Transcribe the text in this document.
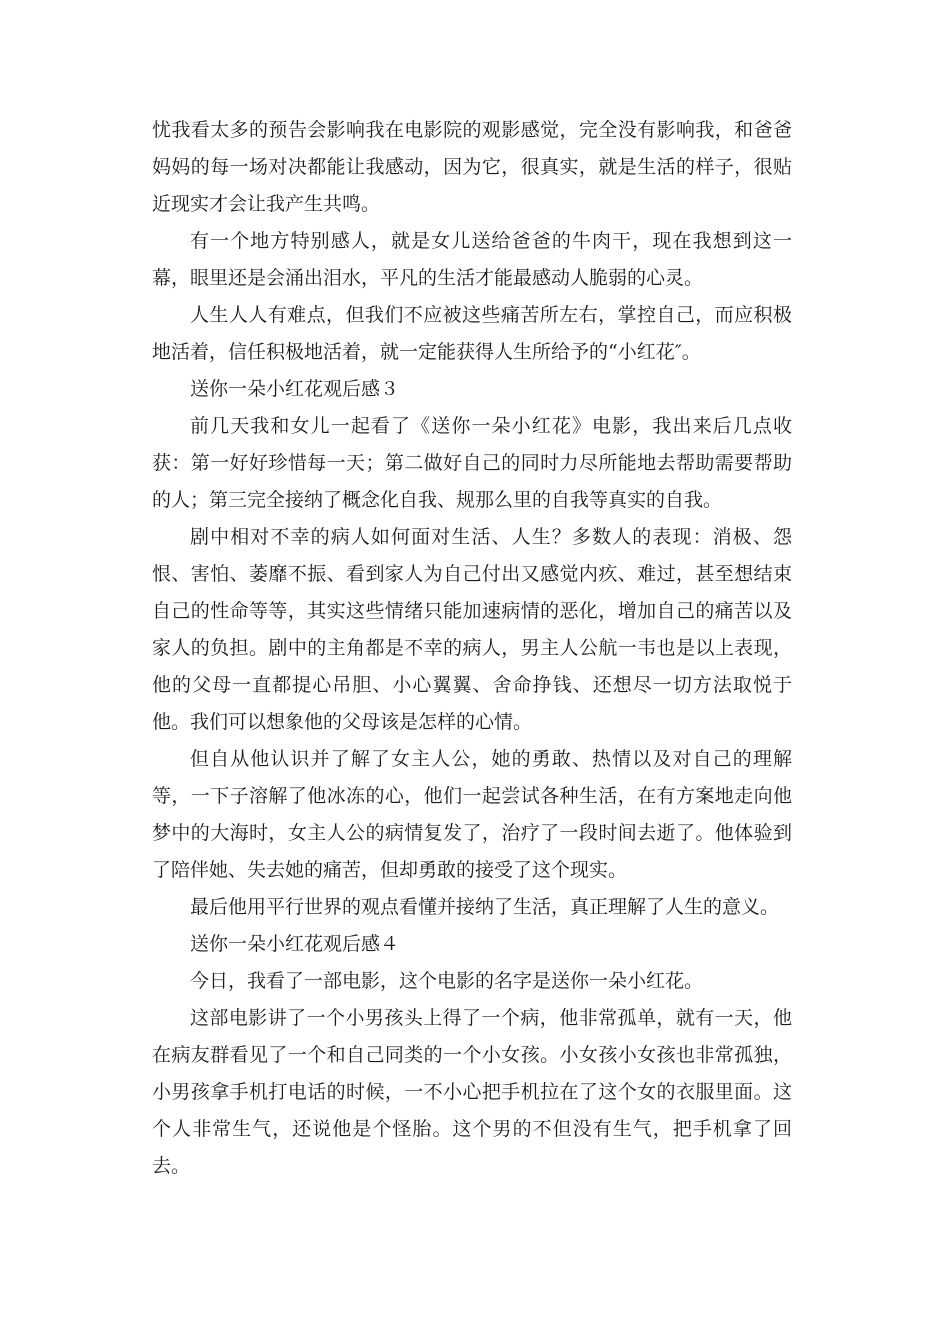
忧我看太多的预告会影响我在电影院的观影感觉，完全没有影响我，和爸爸妈妈的每一场对决都能让我感动，因为它，很真实，就是生活的样子，很贴近现实才会让我产生共鸣。

有一个地方特别感人，就是女儿送给爸爸的牛肉干，现在我想到这一幕，眼里还是会涌出泪水，平凡的生活才能最感动人脆弱的心灵。

人生人人有难点，但我们不应被这些痛苦所左右，掌控自己，而应积极地活着，信任积极地活着，就一定能获得人生所给予的“小红花″。

送你一朵小红花观后感３

前几天我和女儿一起看了《送你一朵小红花》电影，我出来后几点收获：第一好好珍惜每一天；第二做好自己的同时力尽所能地去帮助需要帮助的人；第三完全接纳了概念化自我、规那么里的自我等真实的自我。

剧中相对不幸的病人如何面对生活、人生？多数人的表现：消极、怨恨、害怕、萎靡不振、看到家人为自己付出又感觉内疚、难过，甚至想结束自己的性命等等，其实这些情绪只能加速病情的恶化，增加自己的痛苦以及家人的负担。剧中的主角都是不幸的病人，男主人公航一韦也是以上表现，他的父母一直都提心吊胆、小心翼翼、舍命挣钱、还想尽一切方法取悦于他。我们可以想象他的父母该是怎样的心情。

但自从他认识并了解了女主人公，她的勇敢、热情以及对自己的理解等，一下子溶解了他冰冻的心，他们一起尝试各种生活，在有方案地走向他梦中的大海时，女主人公的病情复发了，治疗了一段时间去逝了。他体验到了陪伴她、失去她的痛苦，但却勇敢的接受了这个现实。

最后他用平行世界的观点看懂并接纳了生活，真正理解了人生的意义。

送你一朵小红花观后感４

今日，我看了一部电影，这个电影的名字是送你一朵小红花。

这部电影讲了一个小男孩头上得了一个病，他非常孤单，就有一天，他在病友群看见了一个和自己同类的一个小女孩。小女孩小女孩也非常孤独，小男孩拿手机打电话的时候，一不小心把手机拉在了这个女的衣服里面。这个人非常生气，还说他是个怪胎。这个男的不但没有生气，把手机拿了回去。
